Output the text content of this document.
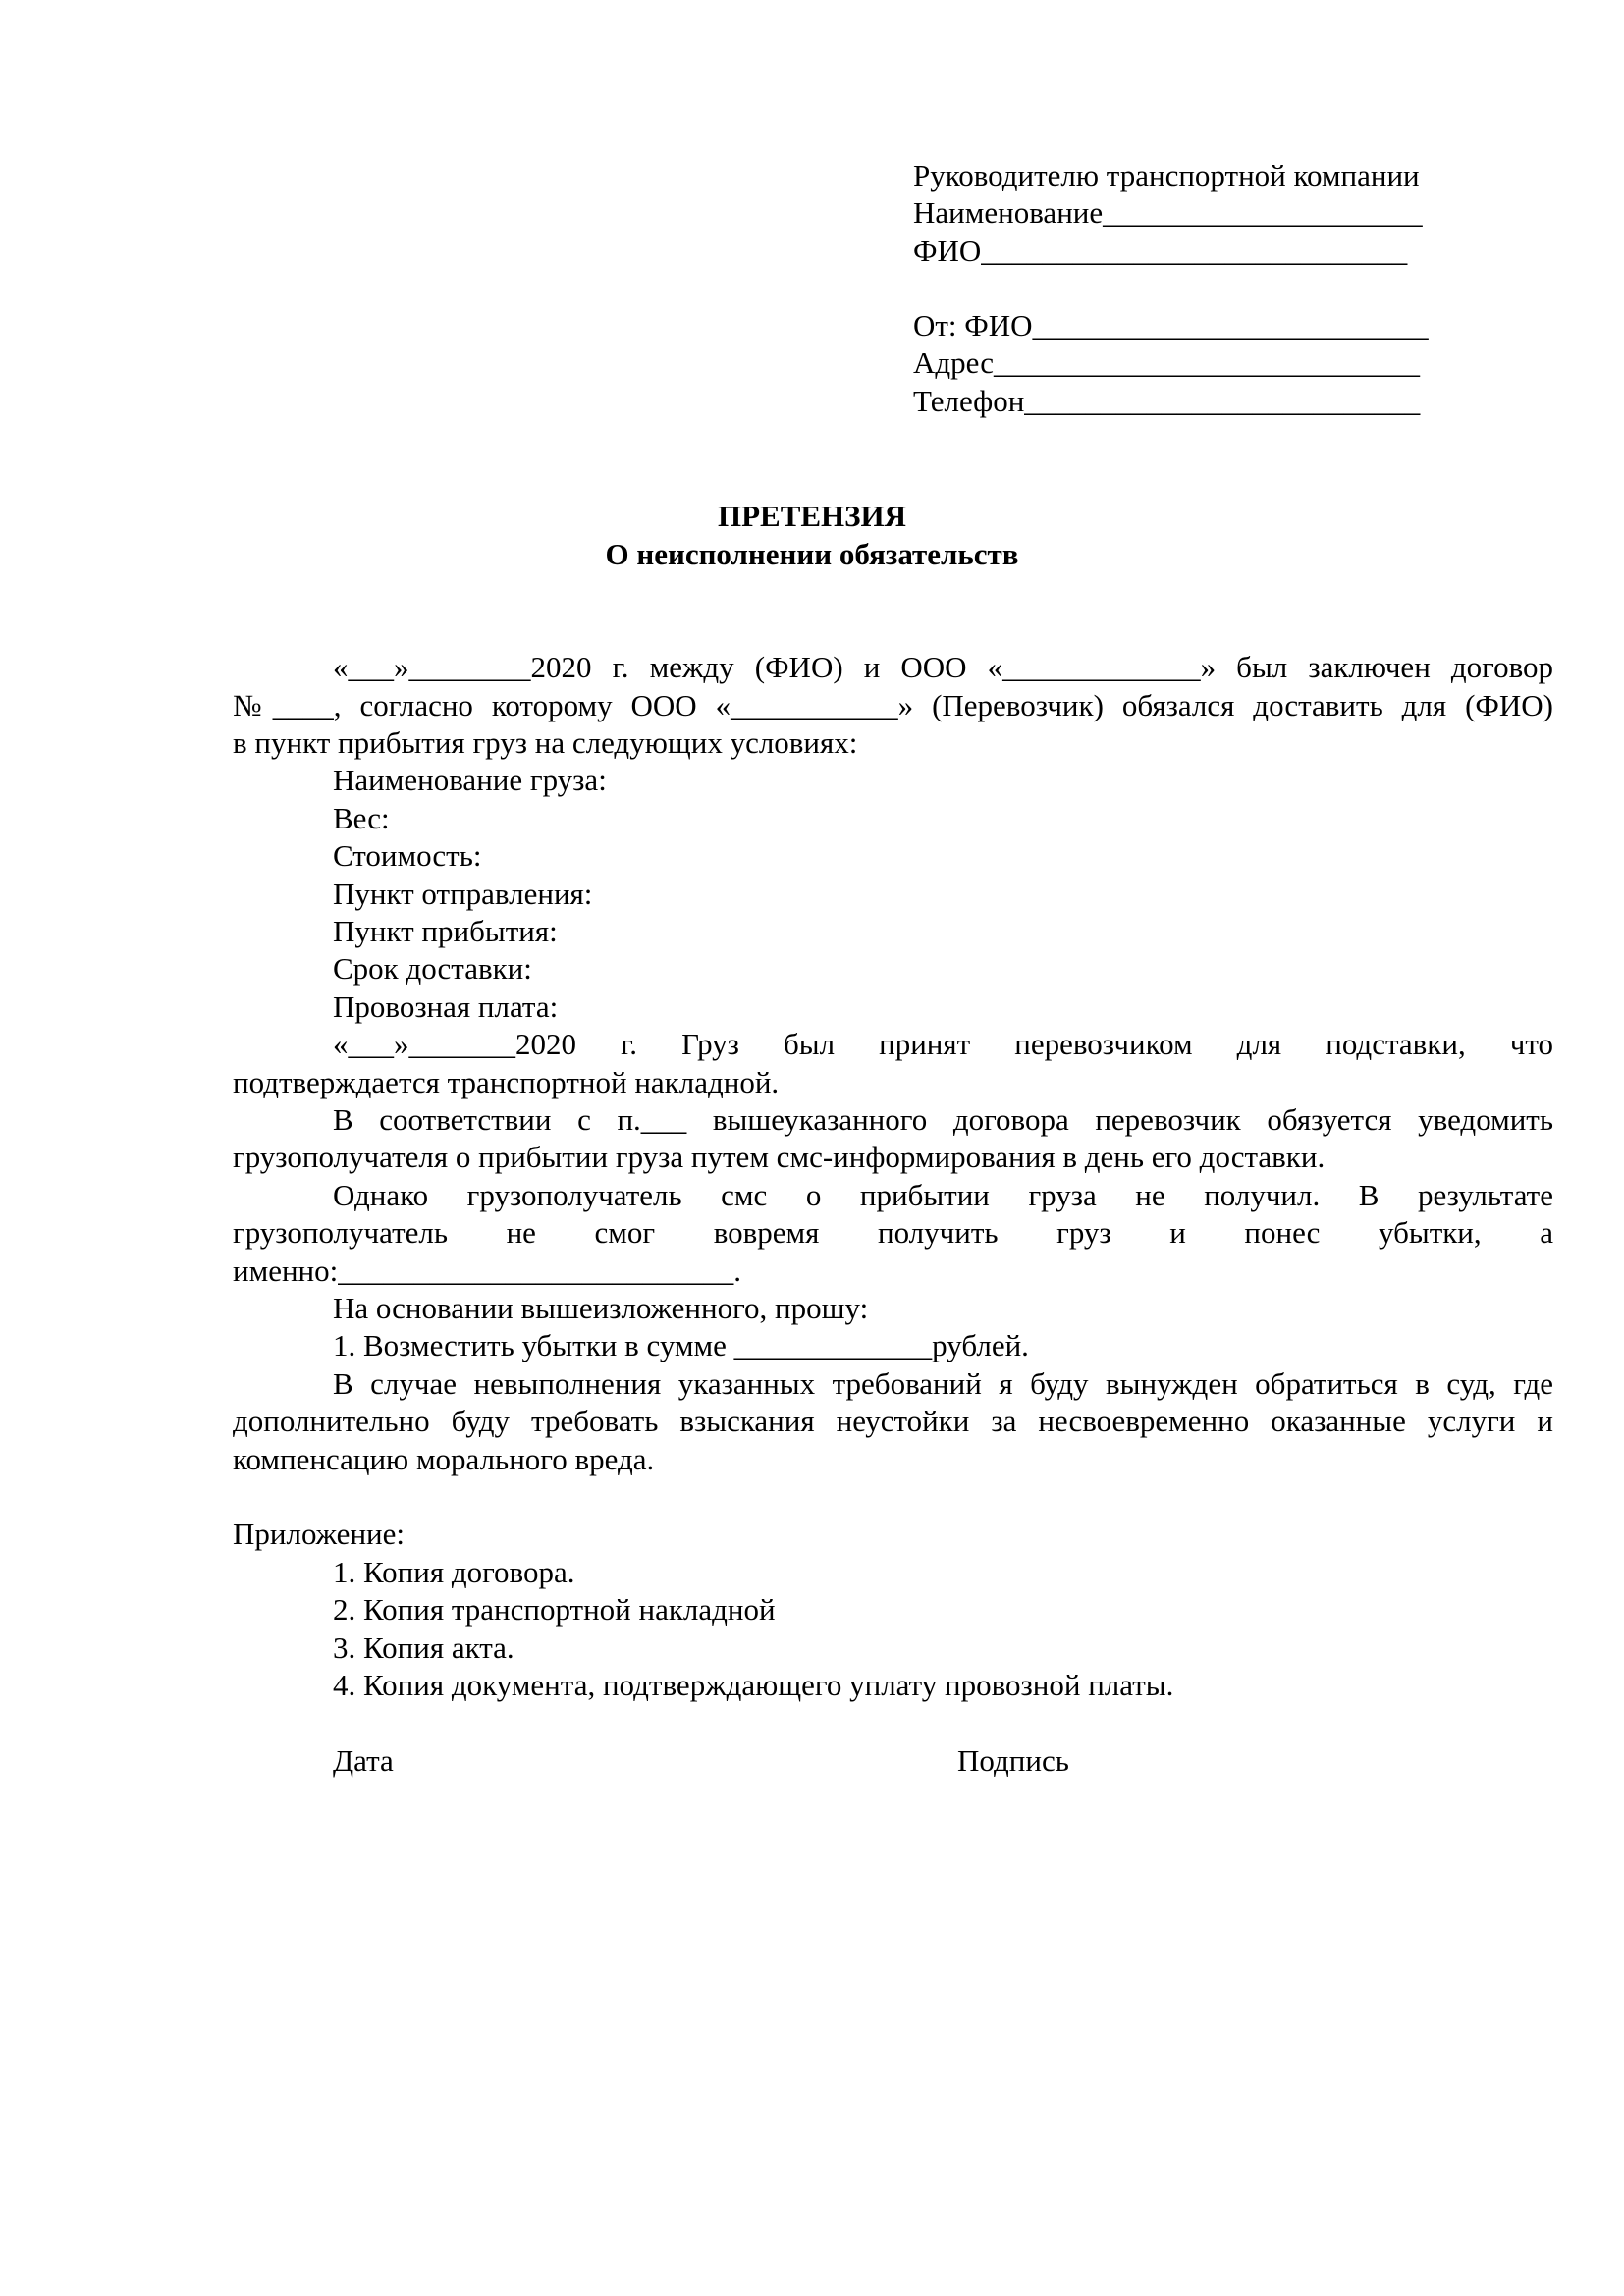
Руководителю транспортной компании
Наименование_____________________
ФИО____________________________
От: ФИО__________________________
Адрес____________________________
Телефон__________________________
ПРЕТЕНЗИЯ
О неисполнении обязательств
«___»________2020 г. между (ФИО) и ООО «_____________» был заключен договор
№____, согласно которому ООО «___________» (Перевозчик) обязался доставить для (ФИО)
в пункт прибытия груз на следующих условиях:
Наименование груза:
Вес:
Стоимость:
Пункт отправления:
Пункт прибытия:
Срок доставки:
Провозная плата:
«___»_______2020 г. Груз был принят перевозчиком для подставки, что
подтверждается транспортной накладной.
В соответствии с п.___ вышеуказанного договора перевозчик обязуется уведомить
грузополучателя о прибытии груза путем смс-информирования в день его доставки.
Однако грузополучатель смс о прибытии груза не получил. В результате
грузополучатель не смог вовремя получить груз и понес убытки, а
именно:__________________________.
На основании вышеизложенного, прошу:
1. Возместить убытки в сумме _____________рублей.
В случае невыполнения указанных требований я буду вынужден обратиться в суд, где
дополнительно буду требовать взыскания неустойки за несвоевременно оказанные услуги и
компенсацию морального вреда.
Приложение:
1. Копия договора.
2. Копия транспортной накладной
3. Копия акта.
4. Копия документа, подтверждающего уплату провозной платы.
Дата	Подпись
